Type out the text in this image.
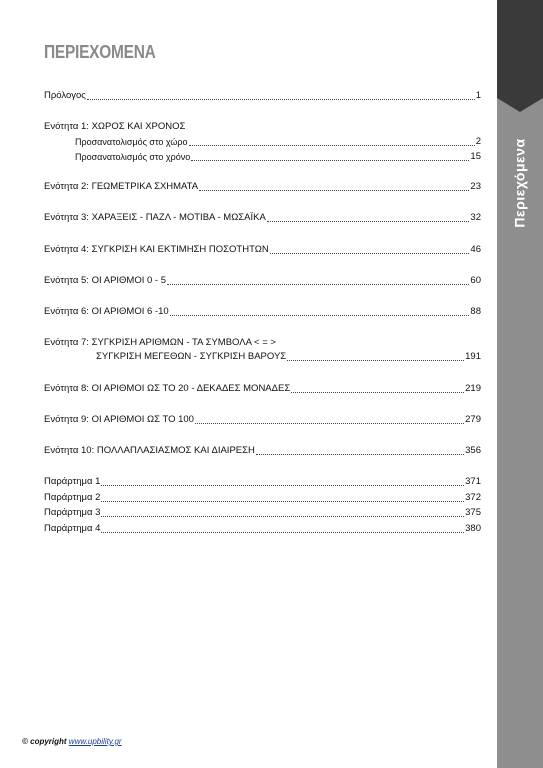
Περιεχόμενα
ΠΕΡΙΕΧΟΜΕΝΑ
Πρόλογος	1
Ενότητα 1: ΧΩΡΟΣ ΚΑΙ ΧΡΟΝΟΣ
Προσανατολισμός στο χώρο	2
Προσανατολισμός στο χρόνο	15
Ενότητα 2: ΓΕΩΜΕΤΡΙΚΑ ΣΧΗΜΑΤΑ	23
Ενότητα 3: ΧΑΡΑΞΕΙΣ - ΠΑΖΛ - ΜΟΤΙΒΑ - ΜΩΣΑΪΚΑ	32
Ενότητα 4: ΣΥΓΚΡΙΣΗ ΚΑΙ ΕΚΤΙΜΗΣΗ ΠΟΣΟΤΗΤΩΝ	46
Ενότητα 5: ΟΙ ΑΡΙΘΜΟΙ 0 - 5	60
Ενότητα 6: ΟΙ ΑΡΙΘΜΟΙ 6 -10	88
Ενότητα 7: ΣΥΓΚΡΙΣΗ ΑΡΙΘΜΩΝ - ΤΑ ΣΥΜΒΟΛΑ < = >
ΣΥΓΚΡΙΣΗ ΜΕΓΕΘΩΝ - ΣΥΓΚΡΙΣΗ ΒΑΡΟΥΣ	191
Ενότητα 8: ΟΙ ΑΡΙΘΜΟΙ ΩΣ ΤΟ 20 - ΔΕΚΑΔΕΣ ΜΟΝΑΔΕΣ	219
Ενότητα 9: ΟΙ ΑΡΙΘΜΟΙ ΩΣ ΤΟ 100	279
Ενότητα 10: ΠΟΛΛΑΠΛΑΣΙΑΣΜΟΣ ΚΑΙ ΔΙΑΙΡΕΣΗ	356
Παράρτημα 1	371
Παράρτημα 2	372
Παράρτημα 3	375
Παράρτημα 4	380
© copyright www.upbility.gr
